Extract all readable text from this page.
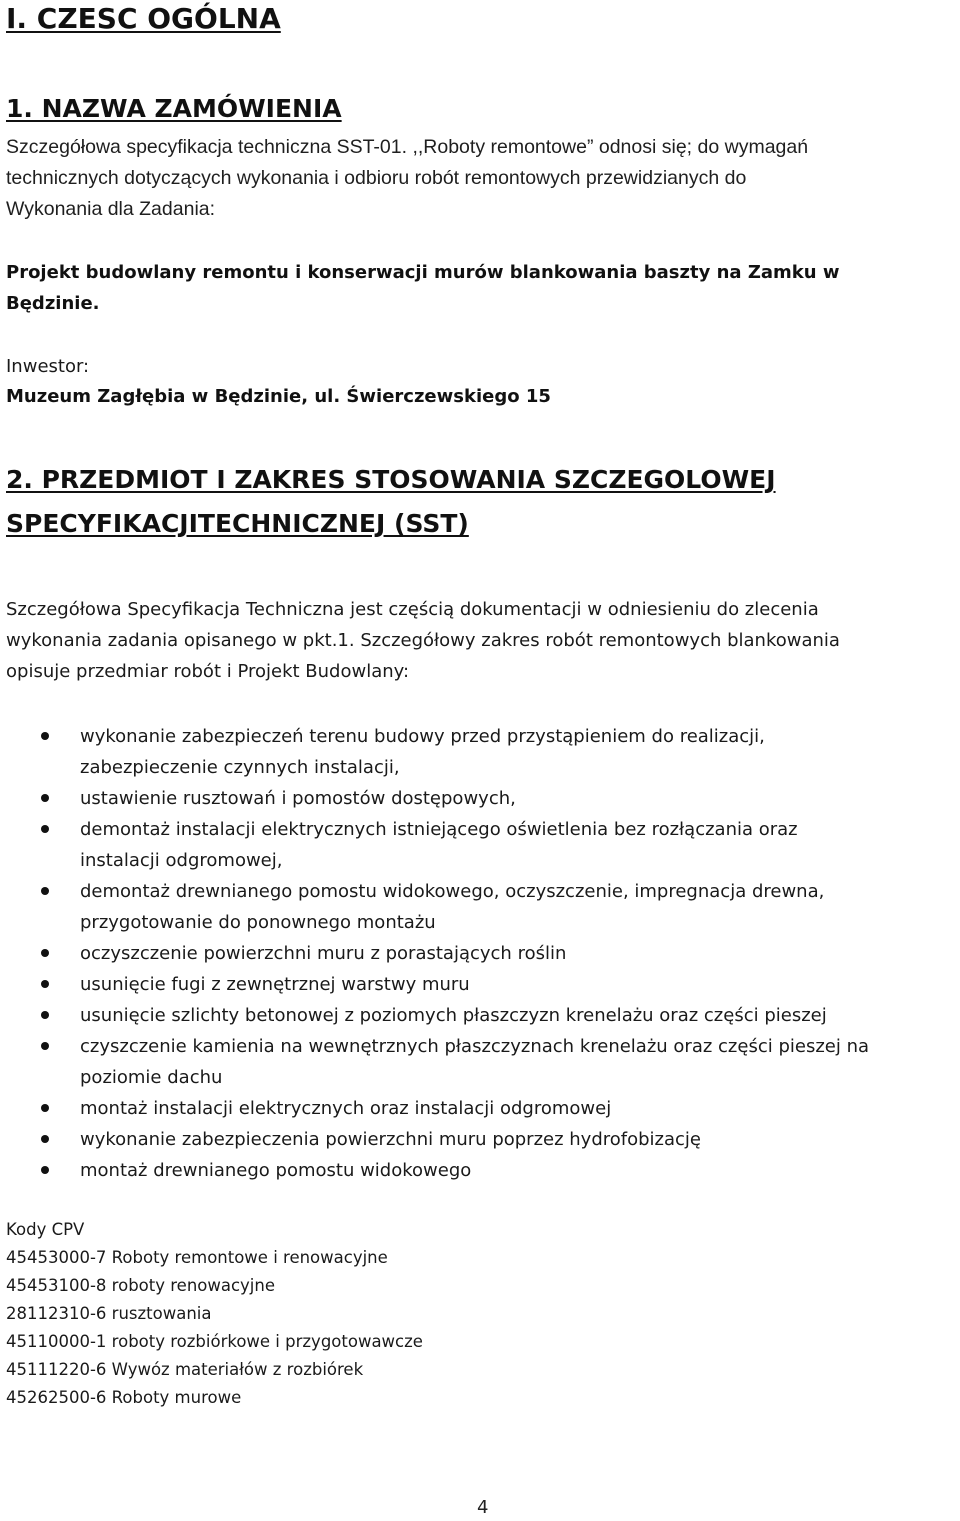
I. CZESC OGÓLNA
1. NAZWA ZAMÓWIENIA
Szczegółowa specyfikacja techniczna SST-01. ,,Roboty remontowe” odnosi się; do wymagań
technicznych dotyczących wykonania i odbioru robót remontowych przewidzianych do
Wykonania dla Zadania:
Projekt budowlany remontu i konserwacji murów blankowania baszty na Zamku w
Będzinie.
Inwestor:
Muzeum Zagłębia w Będzinie, ul. Świerczewskiego 15
2. PRZEDMIOT I ZAKRES STOSOWANIA SZCZEGOLOWEJ
SPECYFIKACJITECHNICZNEJ (SST)
Szczegółowa Specyfikacja Techniczna jest częścią dokumentacji w odniesieniu do zlecenia
wykonania zadania opisanego w pkt.1. Szczegółowy zakres robót remontowych blankowania
opisuje przedmiar robót i Projekt Budowlany:
wykonanie zabezpieczeń terenu budowy przed przystąpieniem do realizacji,
zabezpieczenie czynnych instalacji,
ustawienie rusztowań i pomostów dostępowych,
demontaż instalacji elektrycznych istniejącego oświetlenia bez rozłączania oraz
instalacji odgromowej,
demontaż drewnianego pomostu widokowego, oczyszczenie, impregnacja drewna,
przygotowanie do ponownego montażu
oczyszczenie powierzchni muru z porastających roślin
usunięcie fugi z zewnętrznej warstwy muru
usunięcie szlichty betonowej z poziomych płaszczyzn krenelażu oraz części pieszej
czyszczenie kamienia na wewnętrznych płaszczyznach krenelażu oraz części pieszej na
poziomie dachu
montaż instalacji elektrycznych oraz instalacji odgromowej
wykonanie zabezpieczenia powierzchni muru poprzez hydrofobizację
montaż drewnianego pomostu widokowego
Kody CPV
45453000-7 Roboty remontowe i renowacyjne
45453100-8 roboty renowacyjne
28112310-6 rusztowania
45110000-1 roboty rozbiórkowe i przygotowawcze
45111220-6 Wywóz materiałów z rozbiórek
45262500-6 Roboty murowe
4
